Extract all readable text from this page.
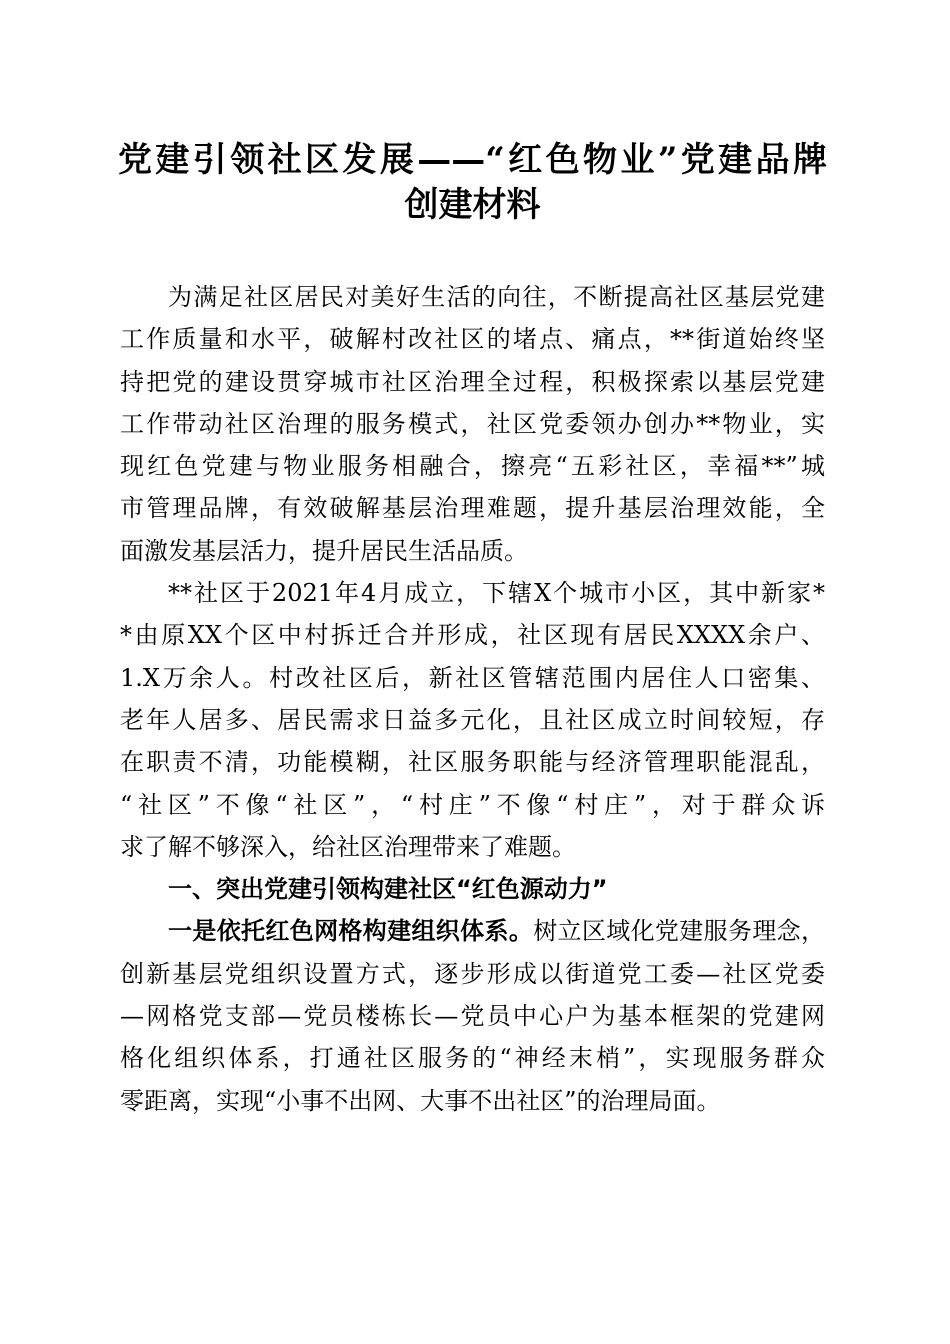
党建引领社区发展——“红色物业”党建品牌
创建材料
为满足社区居民对美好生活的向往，不断提高社区基层党建
工作质量和水平，破解村改社区的堵点、痛点，**街道始终坚
持把党的建设贯穿城市社区治理全过程，积极探索以基层党建
工作带动社区治理的服务模式，社区党委领办创办**物业，实
现红色党建与物业服务相融合，擦亮“五彩社区，幸福**”城
市管理品牌，有效破解基层治理难题，提升基层治理效能，全
面激发基层活力，提升居民生活品质。
**社区于2021年4月成立，下辖X个城市小区，其中新家*
*由原XX个区中村拆迁合并形成，社区现有居民XXXX余户、
1.X万余人。村改社区后，新社区管辖范围内居住人口密集、
老年人居多、居民需求日益多元化，且社区成立时间较短，存
在职责不清，功能模糊，社区服务职能与经济管理职能混乱，
“社区”不像“社区”，“村庄”不像“村庄”，对于群众诉
求了解不够深入，给社区治理带来了难题。
一、突出党建引领构建社区“红色源动力”
一是依托红色网格构建组织体系。树立区域化党建服务理念，
创新基层党组织设置方式，逐步形成以街道党工委—社区党委
—网格党支部—党员楼栋长—党员中心户为基本框架的党建网
格化组织体系，打通社区服务的“神经末梢”，实现服务群众
零距离，实现“小事不出网、大事不出社区”的治理局面。
